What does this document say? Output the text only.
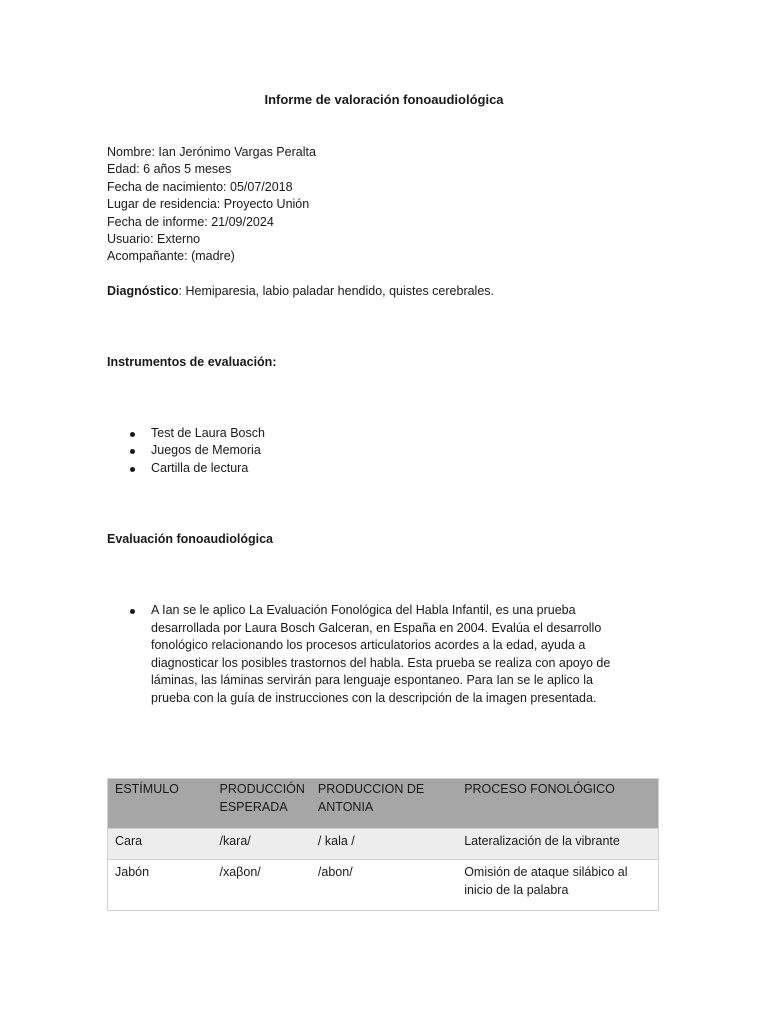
Informe de valoración fonoaudiológica
Nombre: Ian Jerónimo Vargas Peralta
Edad: 6 años 5 meses
Fecha de nacimiento: 05/07/2018
Lugar de residencia: Proyecto Unión
Fecha de informe: 21/09/2024
Usuario: Externo
Acompañante: (madre)
Diagnóstico: Hemiparesia, labio paladar hendido, quistes cerebrales.
Instrumentos de evaluación:
Test de Laura Bosch
Juegos de Memoria
Cartilla de lectura
Evaluación fonoaudiológica
A Ian se le aplico La Evaluación Fonológica del Habla Infantil, es una prueba desarrollada por Laura Bosch Galceran, en España en 2004. Evalúa el desarrollo fonológico relacionando los procesos articulatorios acordes a la edad, ayuda a diagnosticar los posibles trastornos del habla. Esta prueba se realiza con apoyo de láminas, las láminas servirán para lenguaje espontaneo. Para Ian se le aplico la prueba con la guía de instrucciones con la descripción de la imagen presentada.
ESTÍMULO	PRODUCCIÓN ESPERADA	PRODUCCION DE ANTONIA	PROCESO FONOLÓGICO
Cara	/kara/	/ kala /	Lateralización de la vibrante
Jabón	/xaβon/	/abon/	Omisión de ataque silábico al inicio de la palabra
